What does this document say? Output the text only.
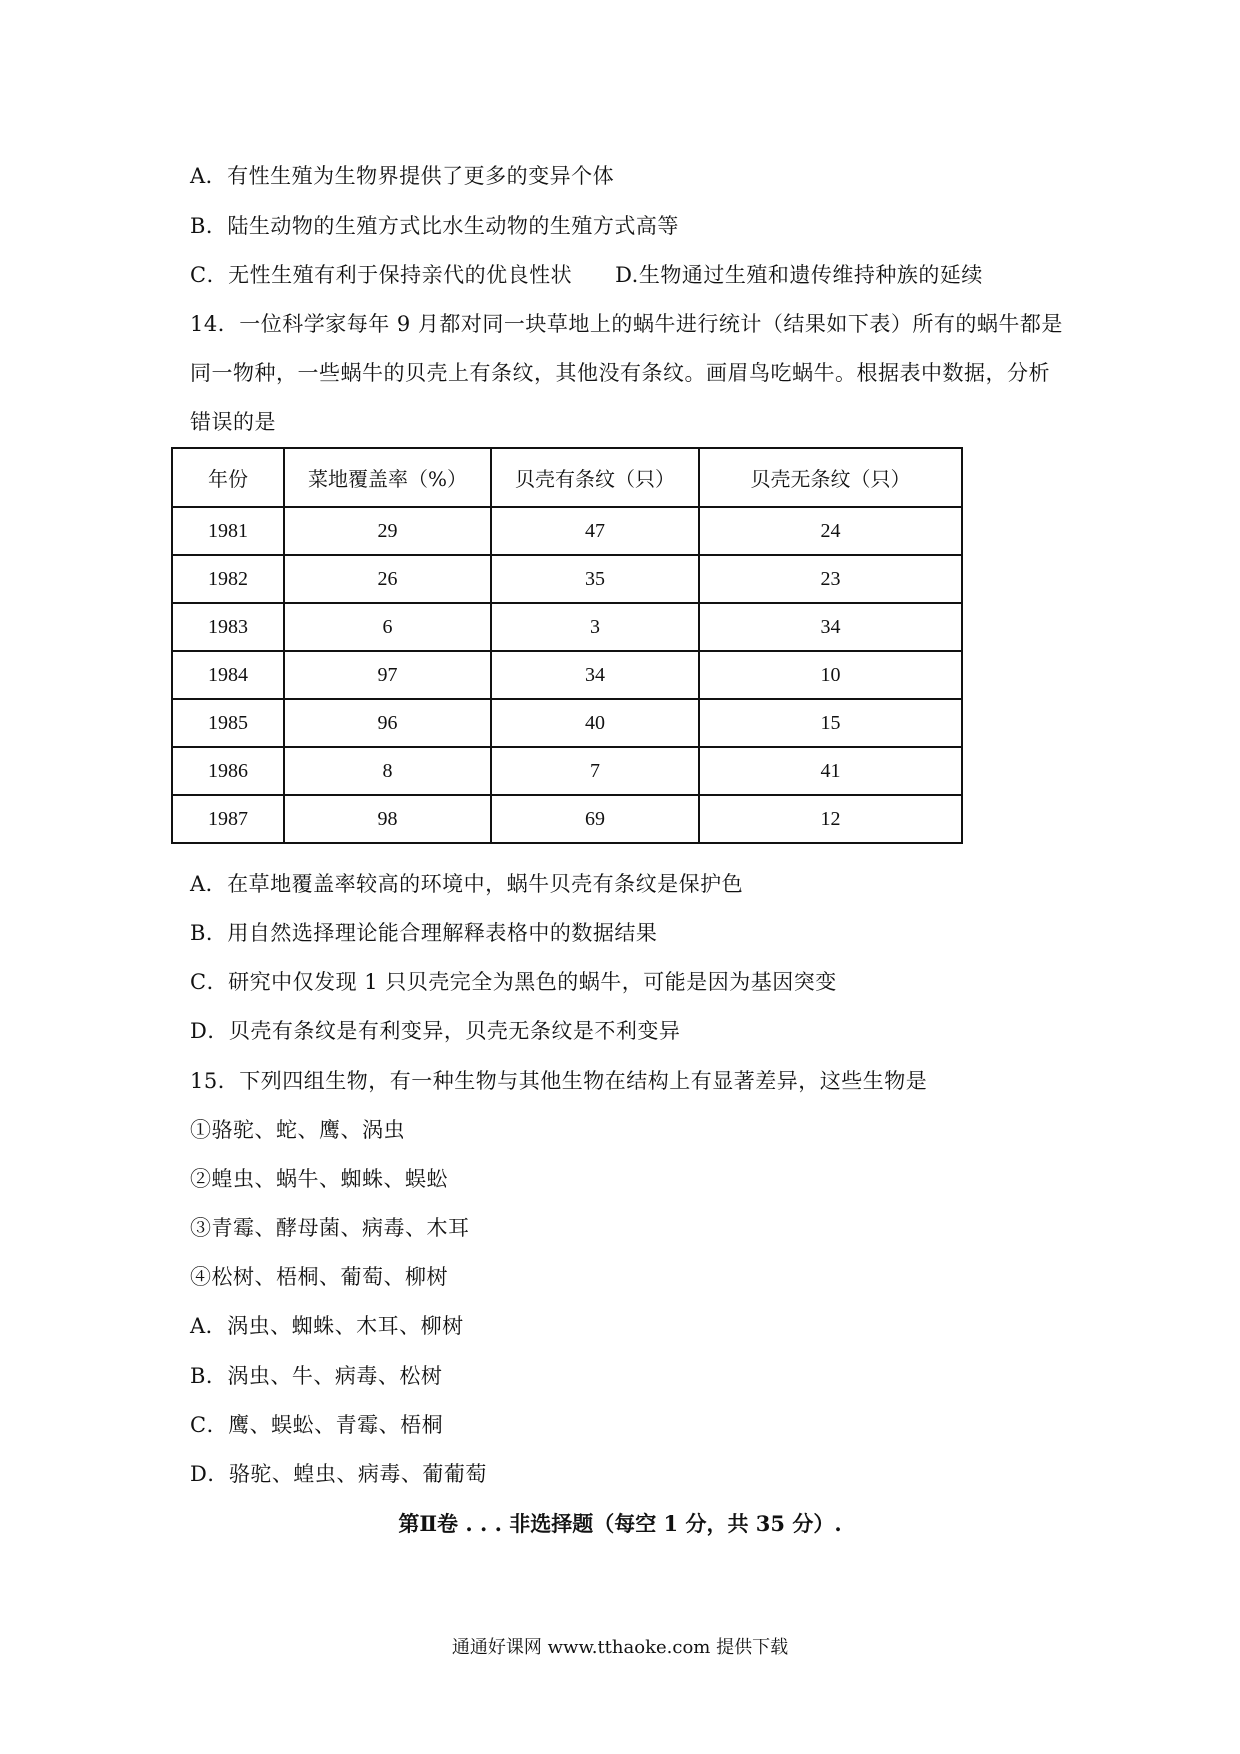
A．有性生殖为生物界提供了更多的变异个体
B．陆生动物的生殖方式比水生动物的生殖方式高等
C．无性生殖有利于保持亲代的优良性状　　D.生物通过生殖和遗传维持种族的延续
14．一位科学家每年 9 月都对同一块草地上的蜗牛进行统计（结果如下表）所有的蜗牛都是
同一物种，一些蜗牛的贝壳上有条纹，其他没有条纹。画眉鸟吃蜗牛。根据表中数据，分析
错误的是
年份	菜地覆盖率（%）	贝壳有条纹（只）	贝壳无条纹（只）
1981	29	47	24
1982	26	35	23
1983	6	3	34
1984	97	34	10
1985	96	40	15
1986	8	7	41
1987	98	69	12
A．在草地覆盖率较高的环境中，蜗牛贝壳有条纹是保护色
B．用自然选择理论能合理解释表格中的数据结果
C．研究中仅发现 1 只贝壳完全为黑色的蜗牛，可能是因为基因突变
D．贝壳有条纹是有利变异，贝壳无条纹是不利变异
15．下列四组生物，有一种生物与其他生物在结构上有显著差异，这些生物是
①骆驼、蛇、鹰、涡虫
②蝗虫、蜗牛、蜘蛛、蜈蚣
③青霉、酵母菌、病毒、木耳
④松树、梧桐、葡萄、柳树
A．涡虫、蜘蛛、木耳、柳树
B．涡虫、牛、病毒、松树
C．鹰、蜈蚣、青霉、梧桐
D．骆驼、蝗虫、病毒、葡葡萄
第Ⅱ卷 . . . 非选择题（每空 1 分，共 35 分）.
通通好课网 www.tthaoke.com 提供下载
